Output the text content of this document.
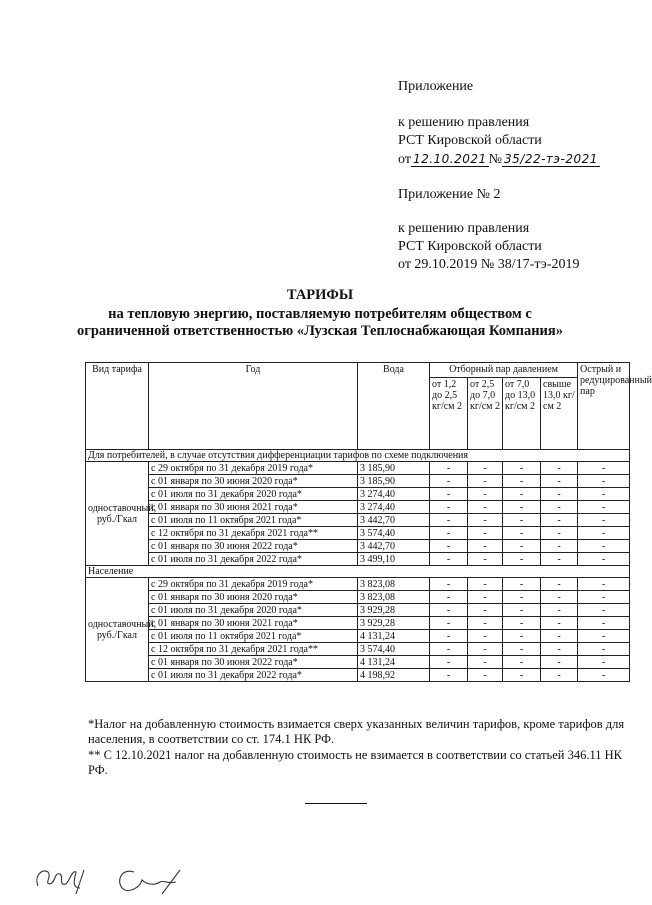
Приложение
к решению правления
РСТ Кировской области
от 12.10.2021 № 35/22-тэ-2021
Приложение № 2
к решению правления
РСТ Кировской области
от 29.10.2019 № 38/17-тэ-2019
ТАРИФЫ
на тепловую энергию, поставляемую потребителям обществом с
ограниченной ответственностью «Лузская Теплоснабжающая Компания»
Вид тарифа	Год	Вода	Отборный пар давлением				Острый и редуцированный пар
			от 1,2 до 2,5 кг/см 2	от 2,5 до 7,0 кг/см 2	от 7,0 до 13,0 кг/см 2	свыше 13,0 кг/см 2	
Для потребителей, в случае отсутствия дифференциации тарифов по схеме подключения							
одноставочный, руб./Гкал	с 29 октября по 31 декабря 2019 года*	3 185,90	-	-	-	-	-
	с 01 января по 30 июня 2020 года*	3 185,90	-	-	-	-	-
	с 01 июля по 31 декабря 2020 года*	3 274,40	-	-	-	-	-
	с 01 января по 30 июня 2021 года*	3 274,40	-	-	-	-	-
	с 01 июля по 11 октября 2021 года*	3 442,70	-	-	-	-	-
	с 12 октября по 31 декабря 2021 года**	3 574,40	-	-	-	-	-
	с 01 января по 30 июня 2022 года*	3 442,70	-	-	-	-	-
	с 01 июля по 31 декабря 2022 года*	3 499,10	-	-	-	-	-
Население							
одноставочный, руб./Гкал	с 29 октября по 31 декабря 2019 года*	3 823,08	-	-	-	-	-
	с 01 января по 30 июня 2020 года*	3 823,08	-	-	-	-	-
	с 01 июля по 31 декабря 2020 года*	3 929,28	-	-	-	-	-
	с 01 января по 30 июня 2021 года*	3 929,28	-	-	-	-	-
	с 01 июля по 11 октября 2021 года*	4 131,24	-	-	-	-	-
	с 12 октября по 31 декабря 2021 года**	3 574,40	-	-	-	-	-
	с 01 января по 30 июня 2022 года*	4 131,24	-	-	-	-	-
	с 01 июля по 31 декабря 2022 года*	4 198,92	-	-	-	-	-
*Налог на добавленную стоимость взимается сверх указанных величин тарифов, кроме тарифов для населения, в соответствии со ст. 174.1 НК РФ.
** С 12.10.2021 налог на добавленную стоимость не взимается в соответствии со статьей 346.11 НК РФ.
